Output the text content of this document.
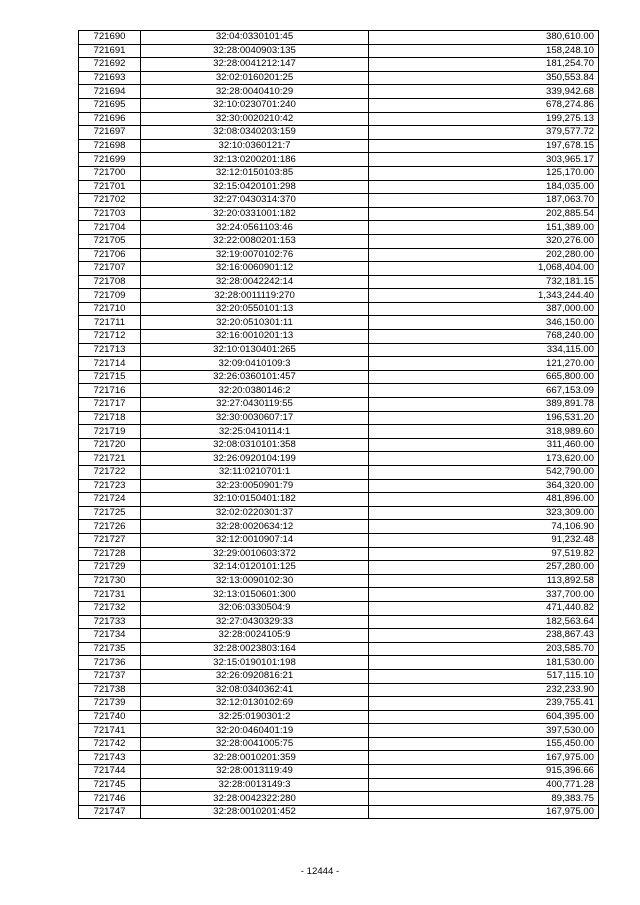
721690	32:04:0330101:45	380,610.00
721691	32:28:0040903:135	158,248.10
721692	32:28:0041212:147	181,254.70
721693	32:02:0160201:25	350,553.84
721694	32:28:0040410:29	339,942.68
721695	32:10:0230701:240	678,274.86
721696	32:30:0020210:42	199,275.13
721697	32:08:0340203:159	379,577.72
721698	32:10:0360121:7	197,678.15
721699	32:13:0200201:186	303,965.17
721700	32:12:0150103:85	125,170.00
721701	32:15:0420101:298	184,035.00
721702	32:27:0430314:370	187,063.70
721703	32:20:0331001:182	202,885.54
721704	32:24:0561103:46	151,389.00
721705	32:22:0080201:153	320,276.00
721706	32:19:0070102:76	202,280.00
721707	32:16:0060901:12	1,068,404.00
721708	32:28:0042242:14	732,181.15
721709	32:28:0011119:270	1,343,244.40
721710	32:20:0550101:13	387,000.00
721711	32:20:0510301:11	346,150.00
721712	32:16:0010201:13	768,240.00
721713	32:10:0130401:265	334,115.00
721714	32:09:0410109:3	121,270.00
721715	32:26:0360101:457	665,800.00
721716	32:20:0380146:2	667,153.09
721717	32:27:0430119:55	389,891.78
721718	32:30:0030607:17	196,531.20
721719	32:25:0410114:1	318,989.60
721720	32:08:0310101:358	311,460.00
721721	32:26:0920104:199	173,620.00
721722	32:11:0210701:1	542,790.00
721723	32:23:0050901:79	364,320.00
721724	32:10:0150401:182	481,896.00
721725	32:02:0220301:37	323,309.00
721726	32:28:0020634:12	74,106.90
721727	32:12:0010907:14	91,232.48
721728	32:29:0010603:372	97,519.82
721729	32:14:0120101:125	257,280.00
721730	32:13:0090102:30	113,892.58
721731	32:13:0150601:300	337,700.00
721732	32:06:0330504:9	471,440.82
721733	32:27:0430329:33	182,563.64
721734	32:28:0024105:9	238,867.43
721735	32:28:0023803:164	203,585.70
721736	32:15:0190101:198	181,530.00
721737	32:26:0920816:21	517,115.10
721738	32:08:0340362:41	232,233.90
721739	32:12:0130102:69	239,755.41
721740	32:25:0190301:2	604,395.00
721741	32:20:0460401:19	397,530.00
721742	32:28:0041005:75	155,450.00
721743	32:28:0010201:359	167,975.00
721744	32:28:0013119:49	915,396.66
721745	32:28:0013149:3	400,771.28
721746	32:28:0042322:280	89,383.75
721747	32:28:0010201:452	167,975.00
- 12444 -
